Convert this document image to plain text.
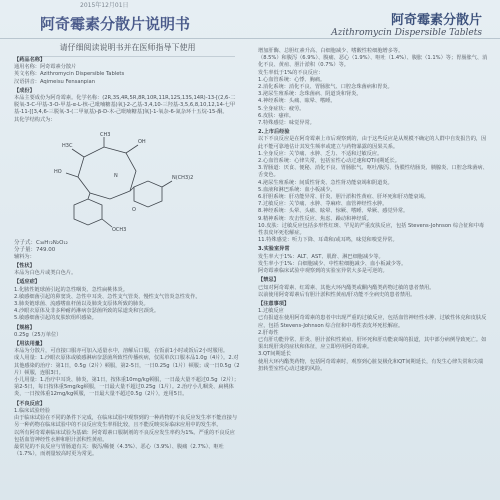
2015年12月01日
阿奇霉素分散片说明书	阿奇霉素分散片
Azithromycin Dispersible Tablets
请仔细阅读说明书并在医师指导下使用
【药品名称】
通用名称：阿奇霉素分散片
英文名称：Azithromycin Dispersible Tablets
汉语拼音：Aqimeisu Fensanpian
【成份】
本品主要成份为阿奇霉素。化学名称：(2R,3S,4R,5R,8R,10R,11R,12S,13S,14R)-13-[(2,6-二脱氧-3-C-甲基-3-O-甲基-α-L-核-己吡喃糖基)氧]-2-乙基-3,4,10-三羟基-3,5,6,8,10,12,14-七甲基-11-[[3,4,6-三脱氧-3-(二甲氨基)-β-D-木-己吡喃糖基]氧]-1-氧杂-6-氮杂环十五烷-15-酮。
其化学结构式为：
CH3
OH
HO
N(CH3)2
OCH3
H3C
N
O
分子式：C₃₈H₇₂N₂O₁₂
分子量：749.00
辅料为：
【性状】
本品为白色片或类白色片。
【适应症】
1.化脓性链球菌引起的急性咽炎、急性扁桃体炎。
2.敏感细菌引起的鼻窦炎、急性中耳炎、急性支气管炎、慢性支气管炎急性发作。
3.肺炎链球菌、流感嗜血杆菌以及肺炎支原体所致的肺炎。
4.沙眼衣原体及非多种耐药淋病奈瑟菌所致的尿道炎和宫颈炎。
5.敏感细菌引起的皮肤软组织感染。
【规格】
0.25g（25万单位）
【用法用量】
本品为分散片，可直接口服亦可加入适量水中，溶解后口服，在饭前1小时或饭后2小时服用。
成人用量：1.沙眼衣原体或敏感淋病奈瑟菌所致性传播疾病，仅需单次口服本品1.0g（4片）。2.对其他感染的治疗：第1日，0.5g（2片）顿服，第2-5日，一日0.25g（1片）顿服；或一日0.5g（2片）顿服，连服3日。
小儿用量：1.治疗中耳炎、肺炎，第1日，按体重10mg/kg顿服，一日最大量不超过0.5g（2片）；第2-5日，每日按体重5mg/kg顿服，一日最大量不超过0.25g（1片）。2.治疗小儿咽炎、扁桃体炎，一日按体重12mg/kg顿服，一日最大量不超过0.5g（2片），连用5日。
【不良反应】
1.临床试验经验
由于临床试验在不同的条件下完成，在临床试验中观察到的一种药物的不良反应发生率不能直接与另一种药物在临床试验中的不良反应发生率相比较，且不能反映实际临床应用中的发生率。
以所有阿奇霉素临床试验为基础：阿奇霉素口服制剂的不良反应发生率约为1%。严重的不良反应包括血管神经性水肿和胆汁淤积性黄疸。
最常见的不良反应与胃肠道有关：腹泻/稀便（4.3%）、恶心（3.9%）、腹痛（2.7%）、呕吐（1.7%），而剂量较高时更为常见。
增加肝酶、总胆红素升高、白细胞减少、嗜酸性粒细胞增多等。
（8.5%）和腹泻（6.9%）、腹痛、恶心（1.9%）、呕吐（1.4%）、腹胀（1.1%）等；胃肠胀气、消化不良、黄疸、胆汁淤积（0.7%）等。
发生率低于1%的不良反应：
1.心血管系统：心悸、胸痛。
2.消化系统：消化不良、胃肠胀气、口腔念珠菌病和胃炎。
3.泌尿生殖系统：念珠菌病、阴道炎和肾炎。
4.神经系统：头痛、眩晕、嗜睡。
5.全身症状：疲劳。
6.皮肤：瘙痒。
7.特殊感觉：味觉异常。
2.上市后经验
以下不良反应是在阿奇霉素上市后观察到的，由于这些反应是从规模不确定的人群中自发报告的，因此不能可靠地估计其发生频率或建立与药物暴露的因果关系。
1.全身反应：关节痛、水肿、乏力、不适和过敏反应。
2.心血管系统：心律失常，包括室性心动过速和QT间期延长。
3.胃肠道：厌食、便秘、消化不良、胃肠胀气、呕吐/腹泻、伪膜性结肠炎、胰腺炎、口腔念珠菌病、舌变色。
4.泌尿生殖系统：间质性肾炎、急性肾功能衰竭和阴道炎。
5.血液和淋巴系统：血小板减少。
6.肝胆系统：肝功能异常、肝炎、胆汁淤积性黄疸、肝坏死和肝功能衰竭。
7.过敏反应：关节痛、水肿、荨麻疹、血管神经性水肿。
8.神经系统：头晕、头痛、眩晕、惊厥、嗜睡、晕厥、感觉异常。
9.精神系统：攻击性反应、焦虑、躁动和神经质。
10.皮肤：过敏反应包括多形性红斑、罕见的严重皮肤反应，包括 Stevens-Johnson 综合征和中毒性表皮坏死松解症。
11.特殊感觉：听力下降、耳聋和/或耳鸣，味觉和嗅觉异常。
3.实验室异常
发生率大于1%：ALT、AST、肌酐、淋巴细胞减少等。
发生率小于1%：白细胞减少、中性粒细胞减少、血小板减少等。
阿奇霉素临床试验中观察到的实验室异常大多是可逆的。
【禁忌】
已知对阿奇霉素、红霉素、其他大环内酯类或酮内酯类药物过敏的患者禁用。
以前使用阿奇霉素后有胆汁淤积性黄疸/肝功能不全病史的患者禁用。
【注意事项】
1.过敏反应
已有报道在使用阿奇霉素的患者中出现严重的过敏反应，包括血管神经性水肿、过敏性休克和皮肤反应，包括 Stevens-Johnson 综合征和中毒性表皮坏死松解症。
2.肝毒性
已有肝功能异常、肝炎、胆汁淤积性黄疸、肝坏死和肝功能衰竭的报道，其中部分病例导致死亡。如果出现肝炎的症状和体征，应立即停用阿奇霉素。
3.QT间期延长
使用大环内酯类药物，包括阿奇霉素时，观察到心脏复极化和QT间期延长，有发生心律失常和尖端扭转型室性心动过速的风险。
